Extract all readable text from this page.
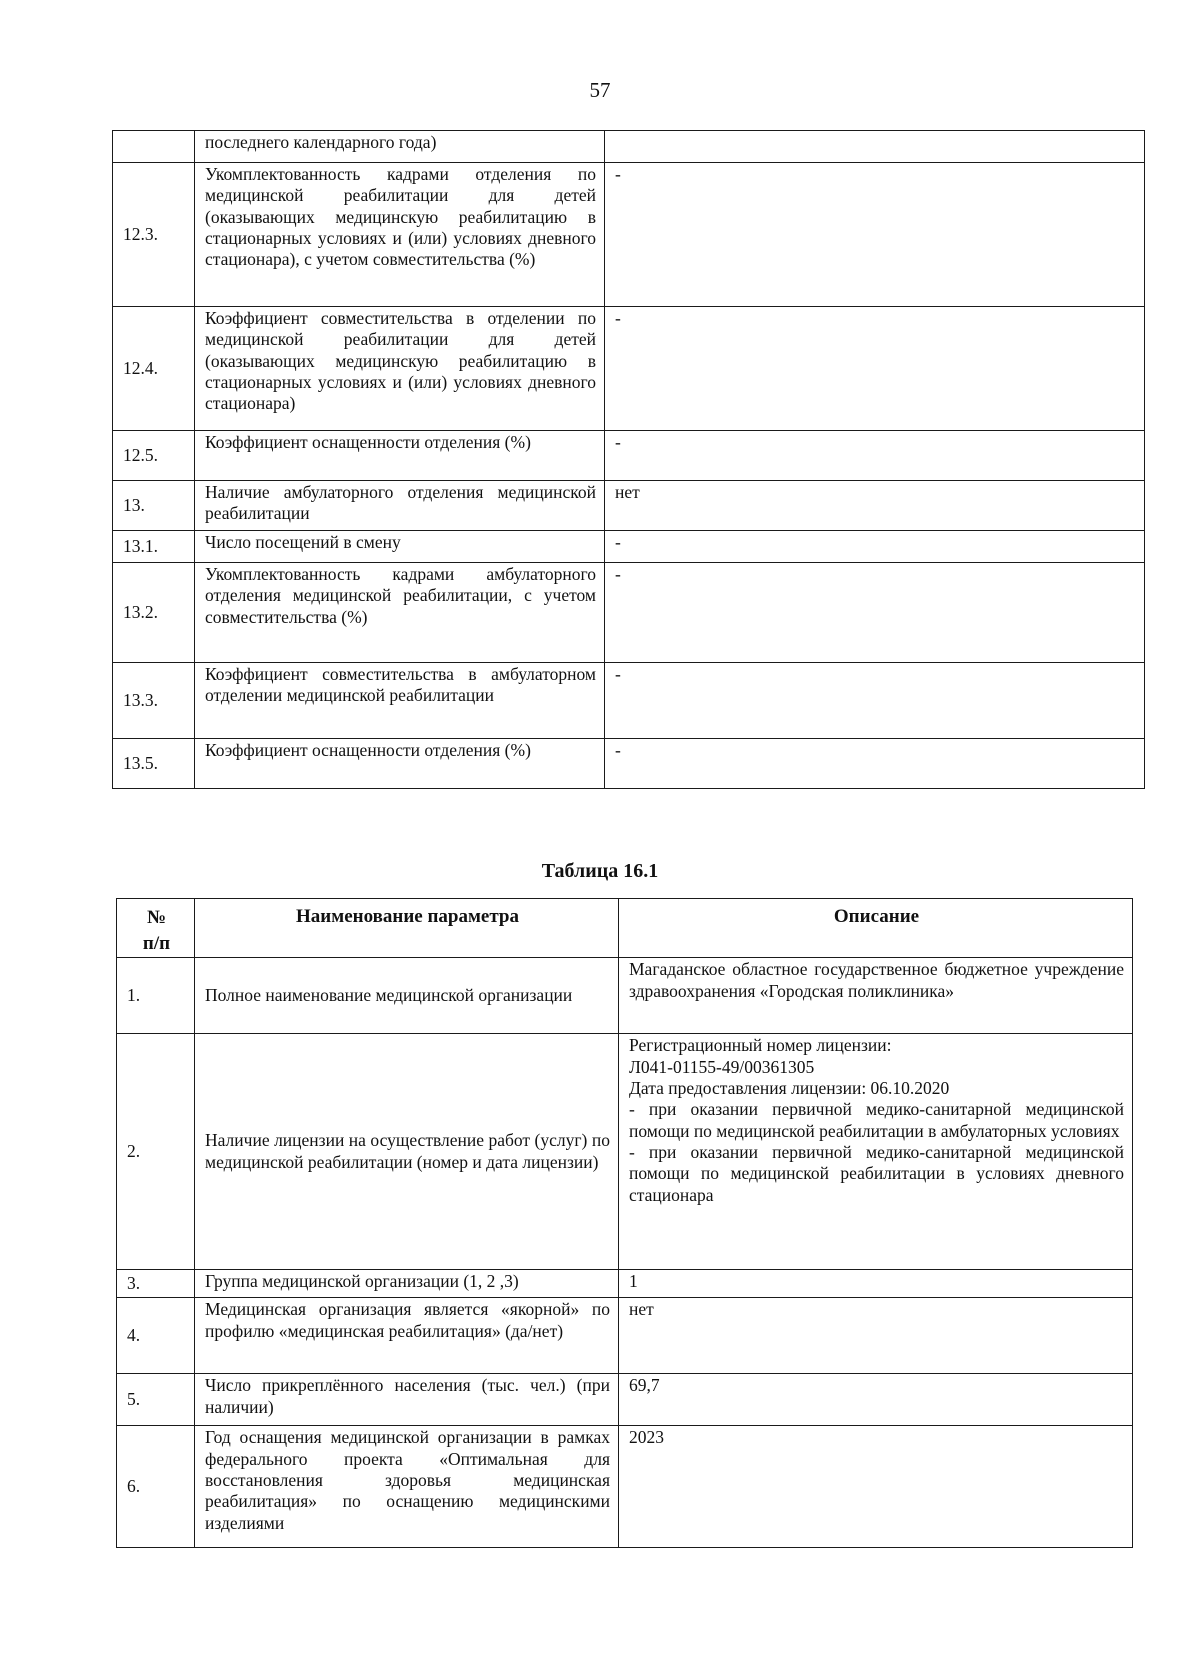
57
	последнего календарного года)	
12.3.	Укомплектованность кадрами отделения по медицинской реабилитации для детей (оказывающих медицинскую реабилитацию в стационарных условиях и (или) условиях дневного стационара), с учетом совместительства (%)	-
12.4.	Коэффициент совместительства в отделении по медицинской реабилитации для детей (оказывающих медицинскую реабилитацию в стационарных условиях и (или) условиях дневного стационара)	-
12.5.	Коэффициент оснащенности отделения (%)	-
13.	Наличие амбулаторного отделения медицинской реабилитации	нет
13.1.	Число посещений в смену	-
13.2.	Укомплектованность кадрами амбулаторного отделения медицинской реабилитации, с учетом совместительства (%)	-
13.3.	Коэффициент совместительства в амбулаторном отделении медицинской реабилитации	-
13.5.	Коэффициент оснащенности отделения (%)	-
Таблица 16.1
№
п/п	Наименование параметра	Описание
1.	Полное наименование медицинской организации	Магаданское областное государственное бюджетное учреждение здравоохранения «Городская поликлиника»
2.	Наличие лицензии на осуществление работ (услуг) по медицинской реабилитации (номер и дата лицензии)	Регистрационный номер лицензии:
Л041-01155-49/00361305
Дата предоставления лицензии: 06.10.2020
- при оказании первичной медико-санитарной медицинской помощи по медицинской реабилитации в амбулаторных условиях
- при оказании первичной медико-санитарной медицинской помощи по медицинской реабилитации в условиях дневного стационара
3.	Группа медицинской организации (1, 2 ,3)	1
4.	Медицинская организация является «якорной» по профилю «медицинская реабилитация» (да/нет)	нет
5.	Число прикреплённого населения (тыс. чел.) (при наличии)	69,7
6.	Год оснащения медицинской организации в рамках федерального проекта «Оптимальная для восстановления здоровья медицинская реабилитация» по оснащению медицинскими изделиями	2023
